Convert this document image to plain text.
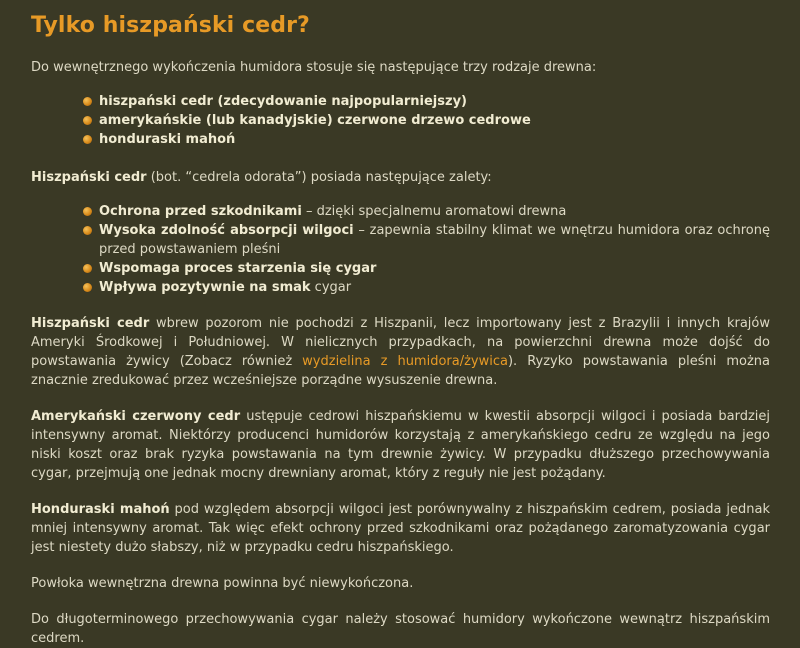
Tylko hiszpański cedr?

Do wewnętrznego wykończenia humidora stosuje się następujące trzy rodzaje drewna:

hiszpański cedr (zdecydowanie najpopularniejszy)
amerykańskie (lub kanadyjskie) czerwone drzewo cedrowe
honduraski mahoń

Hiszpański cedr (bot. “cedrela odorata”) posiada następujące zalety:

Ochrona przed szkodnikami – dzięki specjalnemu aromatowi drewna
Wysoka zdolność absorpcji wilgoci – zapewnia stabilny klimat we wnętrzu humidora oraz ochronę przed powstawaniem pleśni
Wspomaga proces starzenia się cygar
Wpływa pozytywnie na smak cygar

Hiszpański cedr wbrew pozorom nie pochodzi z Hiszpanii, lecz importowany jest z Brazylii i innych krajów Ameryki Środkowej i Południowej. W nielicznych przypadkach, na powierzchni drewna może dojść do powstawania żywicy (Zobacz również wydzielina z humidora/żywica). Ryzyko powstawania pleśni można znacznie zredukować przez wcześniejsze porządne wysuszenie drewna.

Amerykański czerwony cedr ustępuje cedrowi hiszpańskiemu w kwestii absorpcji wilgoci i posiada bardziej intensywny aromat. Niektórzy producenci humidorów korzystają z amerykańskiego cedru ze względu na jego niski koszt oraz brak ryzyka powstawania na tym drewnie żywicy. W przypadku dłuższego przechowywania cygar, przejmują one jednak mocny drewniany aromat, który z reguły nie jest pożądany.

Honduraski mahoń pod względem absorpcji wilgoci jest porównywalny z hiszpańskim cedrem, posiada jednak mniej intensywny aromat. Tak więc efekt ochrony przed szkodnikami oraz pożądanego zaromatyzowania cygar jest niestety dużo słabszy, niż w przypadku cedru hiszpańskiego.

Powłoka wewnętrzna drewna powinna być niewykończona.

Do długoterminowego przechowywania cygar należy stosować humidory wykończone wewnątrz hiszpańskim cedrem.
